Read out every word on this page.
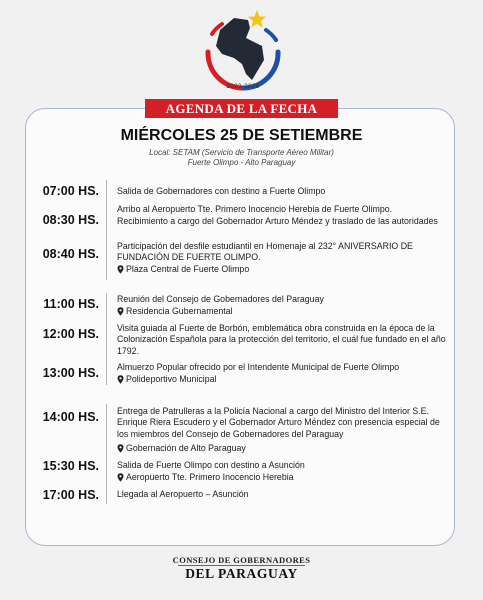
2023-2028
AGENDA DE LA FECHA
MIÉRCOLES 25 DE SETIEMBRE
Local: SETAM (Servicio de Transporte Aéreo Militar)
Fuerte Olimpo - Alto Paraguay
07:00 HS. Salida de Gobernadores con destino a Fuerte Olimpo
08:30 HS.
Arribo al Aeropuerto Tte. Primero Inocencio Herebia de Fuerte Olimpo.
Recibimiento a cargo del Gobernador Arturo Méndez y traslado de las autoridades
08:40 HS.
Participación del desfile estudiantil en Homenaje al 232° ANIVERSARIO DE FUNDACIÓN DE FUERTE OLIMPO.
Plaza Central de Fuerte Olimpo
11:00 HS. Reunión del Consejo de Gobernadores del Paraguay
Residencia Gubernamental
12:00 HS. Visita guiada al Fuerte de Borbón, emblemática obra construida en la época de la Colonización Española para la protección del territorio, el cuál fue fundado en el año 1792.
13:00 HS. Almuerzo Popular ofrecido por el Intendente Municipal de Fuerte Olimpo
Polideportivo Municipal
14:00 HS. Entrega de Patrulleras a la Policía Nacional a cargo del Ministro del Interior S.E. Enrique Riera Escudero y el Gobernador Arturo Méndez con presencia especial de los miembros del Consejo de Gobernadores del Paraguay
Gobernación de Alto Paraguay
15:30 HS. Salida de Fuerte Olimpo con destino a Asunción
Aeropuerto Tte. Primero Inocencio Herebia
17:00 HS. Llegada al Aeropuerto – Asunción
CONSEJO DE GOBERNADORES
DEL PARAGUAY
